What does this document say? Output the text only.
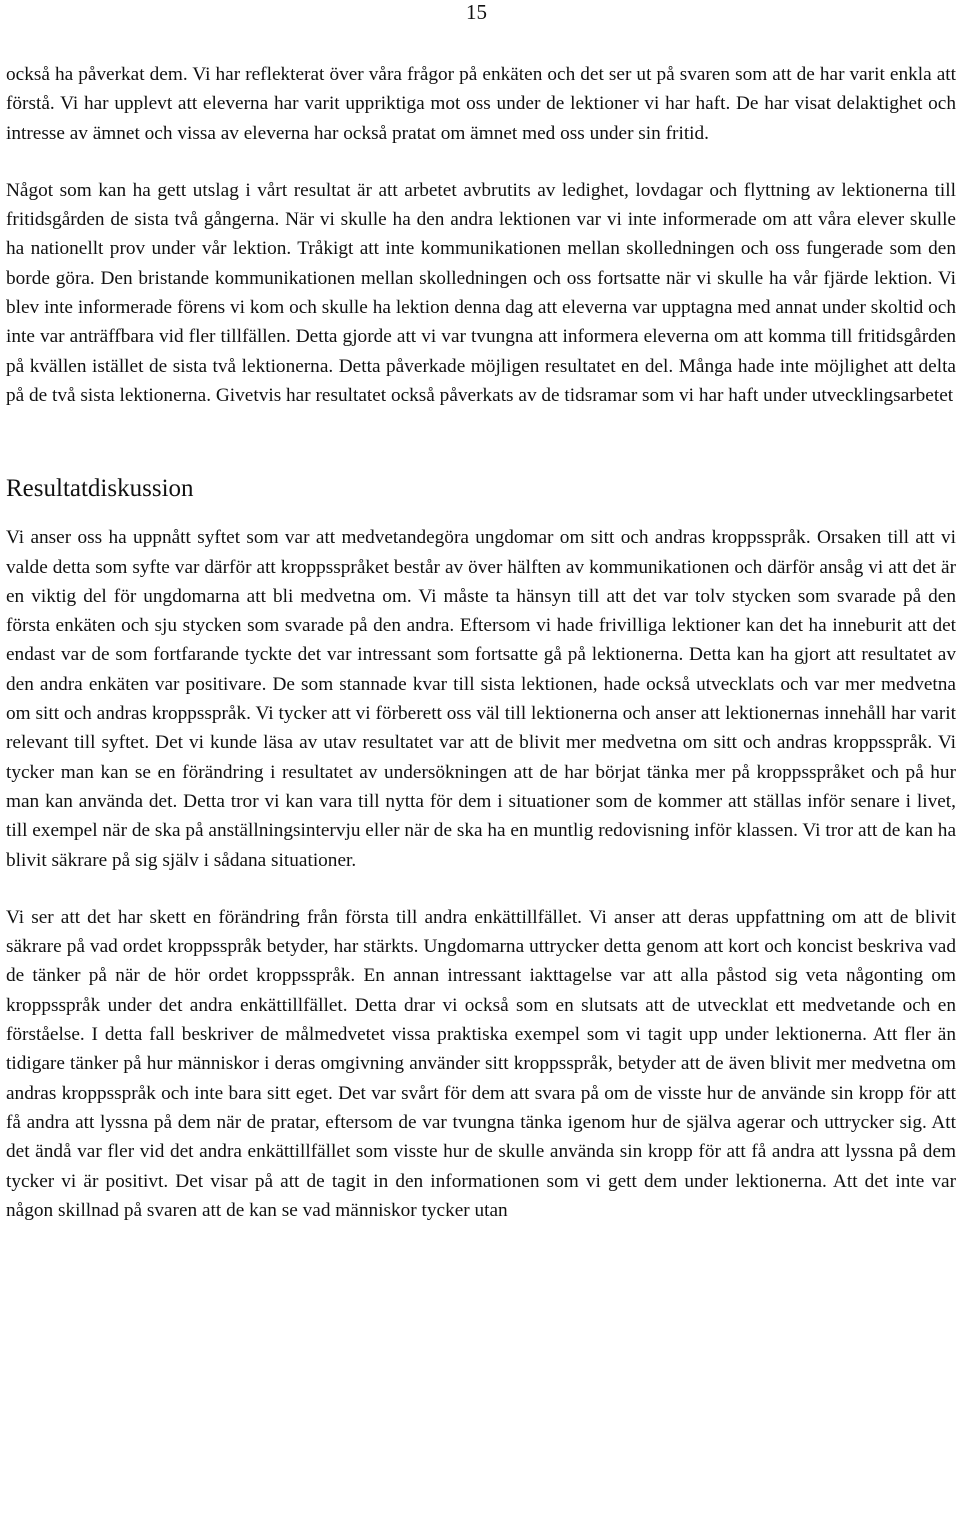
15

också ha påverkat dem. Vi har reflekterat över våra frågor på enkäten och det ser ut på svaren som att de har varit enkla att förstå. Vi har upplevt att eleverna har varit uppriktiga mot oss under de lektioner vi har haft. De har visat delaktighet och intresse av ämnet och vissa av eleverna har också pratat om ämnet med oss under sin fritid.

Något som kan ha gett utslag i vårt resultat är att arbetet avbrutits av ledighet, lovdagar och flyttning av lektionerna till fritidsgården de sista två gångerna. När vi skulle ha den andra lektionen var vi inte informerade om att våra elever skulle ha nationellt prov under vår lektion. Tråkigt att inte kommunikationen mellan skolledningen och oss fungerade som den borde göra. Den bristande kommunikationen mellan skolledningen och oss fortsatte när vi skulle ha vår fjärde lektion. Vi blev inte informerade förens vi kom och skulle ha lektion denna dag att eleverna var upptagna med annat under skoltid och inte var anträffbara vid fler tillfällen. Detta gjorde att vi var tvungna att informera eleverna om att komma till fritidsgården på kvällen istället de sista två lektionerna. Detta påverkade möjligen resultatet en del. Många hade inte möjlighet att delta på de två sista lektionerna. Givetvis har resultatet också påverkats av de tidsramar som vi har haft under utvecklingsarbetet

Resultatdiskussion

Vi anser oss ha uppnått syftet som var att medvetandegöra ungdomar om sitt och andras kroppsspråk. Orsaken till att vi valde detta som syfte var därför att kroppsspråket består av över hälften av kommunikationen och därför ansåg vi att det är en viktig del för ungdomarna att bli medvetna om. Vi måste ta hänsyn till att det var tolv stycken som svarade på den första enkäten och sju stycken som svarade på den andra. Eftersom vi hade frivilliga lektioner kan det ha inneburit att det endast var de som fortfarande tyckte det var intressant som fortsatte gå på lektionerna. Detta kan ha gjort att resultatet av den andra enkäten var positivare. De som stannade kvar till sista lektionen, hade också utvecklats och var mer medvetna om sitt och andras kroppsspråk. Vi tycker att vi förberett oss väl till lektionerna och anser att lektionernas innehåll har varit relevant till syftet. Det vi kunde läsa av utav resultatet var att de blivit mer medvetna om sitt och andras kroppsspråk. Vi tycker man kan se en förändring i resultatet av undersökningen att de har börjat tänka mer på kroppsspråket och på hur man kan använda det. Detta tror vi kan vara till nytta för dem i situationer som de kommer att ställas inför senare i livet, till exempel när de ska på anställningsintervju eller när de ska ha en muntlig redovisning inför klassen. Vi tror att de kan ha blivit säkrare på sig själv i sådana situationer.

Vi ser att det har skett en förändring från första till andra enkättillfället. Vi anser att deras uppfattning om att de blivit säkrare på vad ordet kroppsspråk betyder, har stärkts. Ungdomarna uttrycker detta genom att kort och koncist beskriva vad de tänker på när de hör ordet kroppsspråk. En annan intressant iakttagelse var att alla påstod sig veta någonting om kroppsspråk under det andra enkättillfället. Detta drar vi också som en slutsats att de utvecklat ett medvetande och en förståelse. I detta fall beskriver de målmedvetet vissa praktiska exempel som vi tagit upp under lektionerna. Att fler än tidigare tänker på hur människor i deras omgivning använder sitt kroppsspråk, betyder att de även blivit mer medvetna om andras kroppsspråk och inte bara sitt eget. Det var svårt för dem att svara på om de visste hur de använde sin kropp för att få andra att lyssna på dem när de pratar, eftersom de var tvungna tänka igenom hur de själva agerar och uttrycker sig. Att det ändå var fler vid det andra enkättillfället som visste hur de skulle använda sin kropp för att få andra att lyssna på dem tycker vi är positivt. Det visar på att de tagit in den informationen som vi gett dem under lektionerna. Att det inte var någon skillnad på svaren att de kan se vad människor tycker utan
